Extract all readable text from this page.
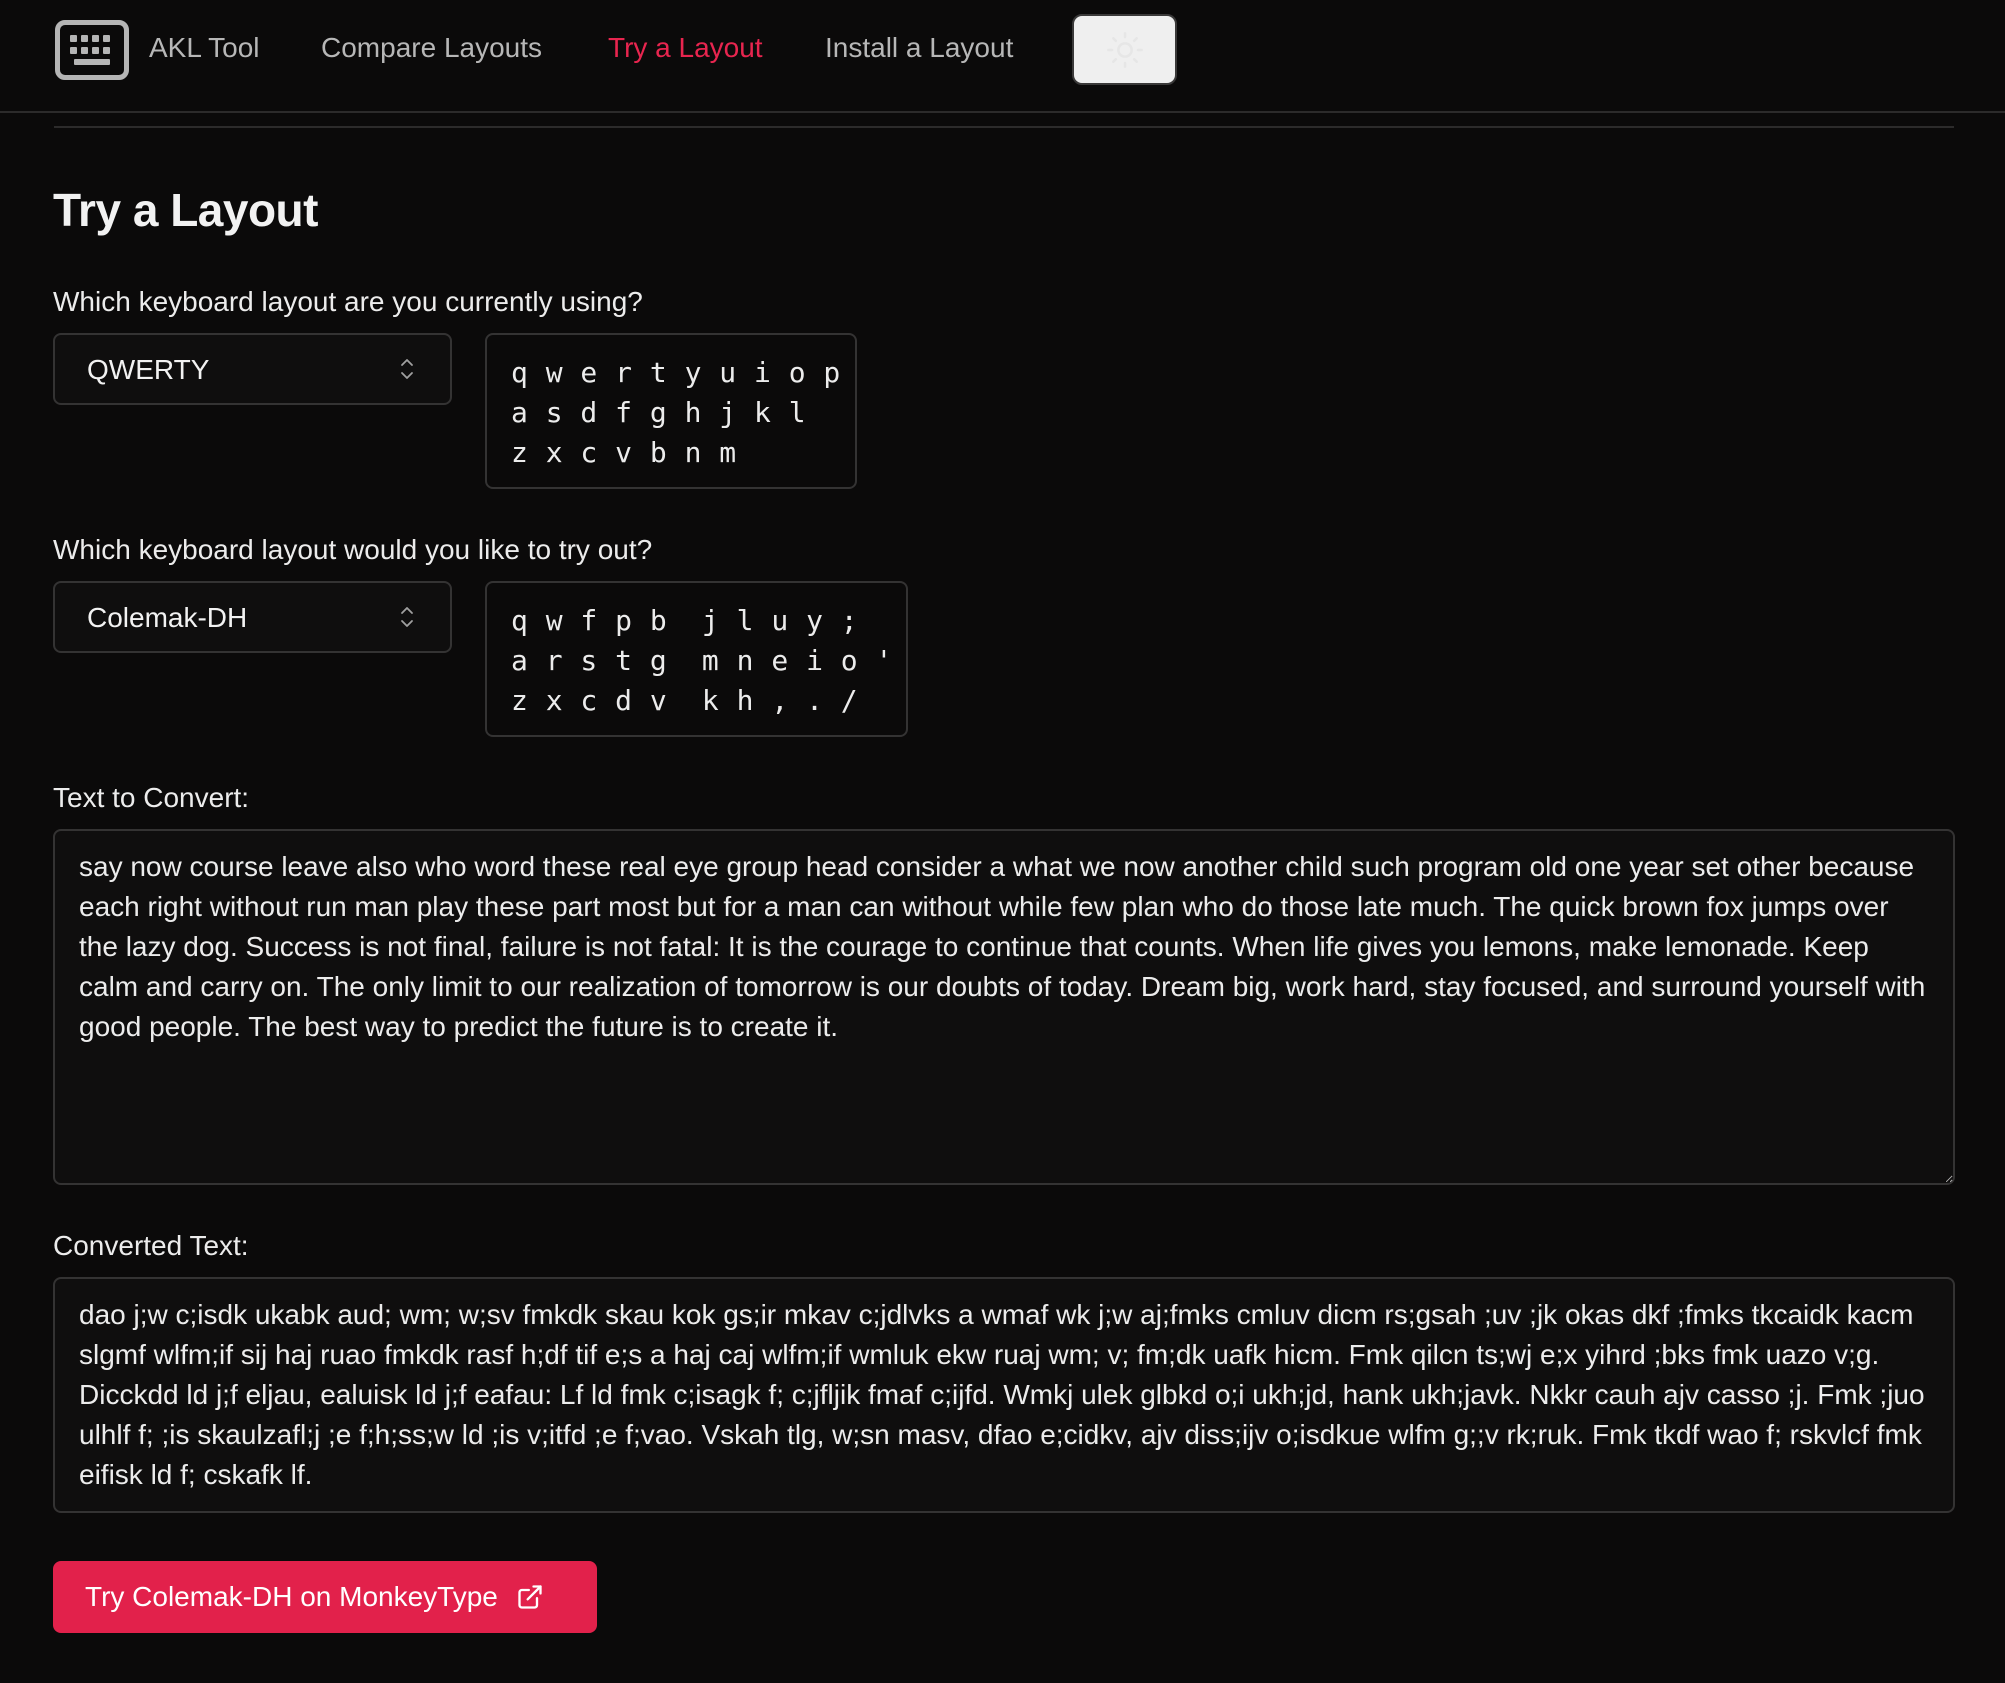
AKL Tool Compare Layouts Try a Layout Install a Layout
Try a Layout
Which keyboard layout are you currently using?
QWERTY	q w e r t y u i o p
a s d f g h j k l
z x c v b n m
Which keyboard layout would you like to try out?
Colemak-DH	q w f p b  j l u y ;
a r s t g  m n e i o '
z x c d v  k h , . /
Text to Convert:
say now course leave also who word these real eye group head consider a what we now another child such program old one year set other because each right without run man play these part most but for a man can without while few plan who do those late much. The quick brown fox jumps over the lazy dog. Success is not final, failure is not fatal: It is the courage to continue that counts. When life gives you lemons, make lemonade. Keep calm and carry on. The only limit to our realization of tomorrow is our doubts of today. Dream big, work hard, stay focused, and surround yourself with good people. The best way to predict the future is to create it.
Converted Text:
dao j;w c;isdk ukabk aud; wm; w;sv fmkdk skau kok gs;ir mkav c;jdlvks a wmaf wk j;w aj;fmks cmluv dicm rs;gsah ;uv ;jk okas dkf ;fmks tkcaidk kacm slgmf wlfm;if sij haj ruao fmkdk rasf h;df tif e;s a haj caj wlfm;if wmluk ekw ruaj wm; v; fm;dk uafk hicm. Fmk qilcn ts;wj e;x yihrd ;bks fmk uazo v;g. Dicckdd ld j;f eljau, ealuisk ld j;f eafau: Lf ld fmk c;isagk f; c;jfljik fmaf c;ijfd. Wmkj ulek glbkd o;i ukh;jd, hank ukh;javk. Nkkr cauh ajv casso ;j. Fmk ;juo ulhlf f; ;is skaulzafl;j ;e f;h;ss;w ld ;is v;itfd ;e f;vao. Vskah tlg, w;sn masv, dfao e;cidkv, ajv diss;ijv o;isdkue wlfm g;;v rk;ruk. Fmk tkdf wao f; rskvlcf fmk eifisk ld f; cskafk lf.
Try Colemak-DH on MonkeyType
